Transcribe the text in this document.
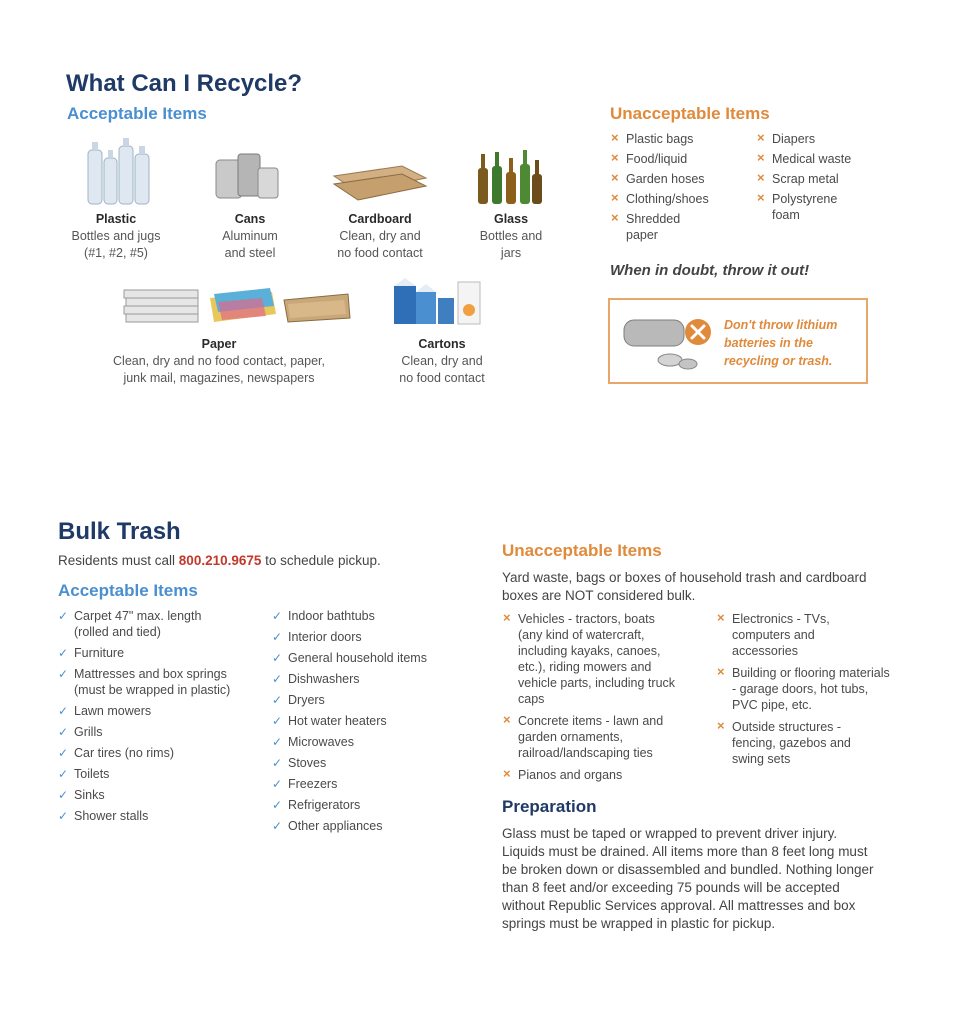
What Can I Recycle?
Acceptable Items
Plastic
Bottles and jugs
(#1, #2, #5)
Cans
Aluminum
and steel
Cardboard
Clean, dry and
no food contact
Glass
Bottles and
jars
Paper
Clean, dry and no food contact, paper,
junk mail, magazines, newspapers
Cartons
Clean, dry and
no food contact
Unacceptable Items
× Plastic bags
× Food/liquid
× Garden hoses
× Clothing/shoes
× Shredded paper
× Diapers
× Medical waste
× Scrap metal
× Polystyrene foam
When in doubt, throw it out!
Don't throw lithium batteries in the recycling or trash.
Bulk Trash
Residents must call 800.210.9675 to schedule pickup.
Acceptable Items
✓ Carpet 47" max. length (rolled and tied)
✓ Furniture
✓ Mattresses and box springs (must be wrapped in plastic)
✓ Lawn mowers
✓ Grills
✓ Car tires (no rims)
✓ Toilets
✓ Sinks
✓ Shower stalls
✓ Indoor bathtubs
✓ Interior doors
✓ General household items
✓ Dishwashers
✓ Dryers
✓ Hot water heaters
✓ Microwaves
✓ Stoves
✓ Freezers
✓ Refrigerators
✓ Other appliances
Unacceptable Items
Yard waste, bags or boxes of household trash and cardboard boxes are NOT considered bulk.
× Vehicles - tractors, boats (any kind of watercraft, including kayaks, canoes, etc.), riding mowers and vehicle parts, including truck caps
× Concrete items - lawn and garden ornaments, railroad/landscaping ties
× Pianos and organs
× Electronics - TVs, computers and accessories
× Building or flooring materials - garage doors, hot tubs, PVC pipe, etc.
× Outside structures - fencing, gazebos and swing sets
Preparation
Glass must be taped or wrapped to prevent driver injury. Liquids must be drained. All items more than 8 feet long must be broken down or disassembled and bundled. Nothing longer than 8 feet and/or exceeding 75 pounds will be accepted without Republic Services approval. All mattresses and box springs must be wrapped in plastic for pickup.
